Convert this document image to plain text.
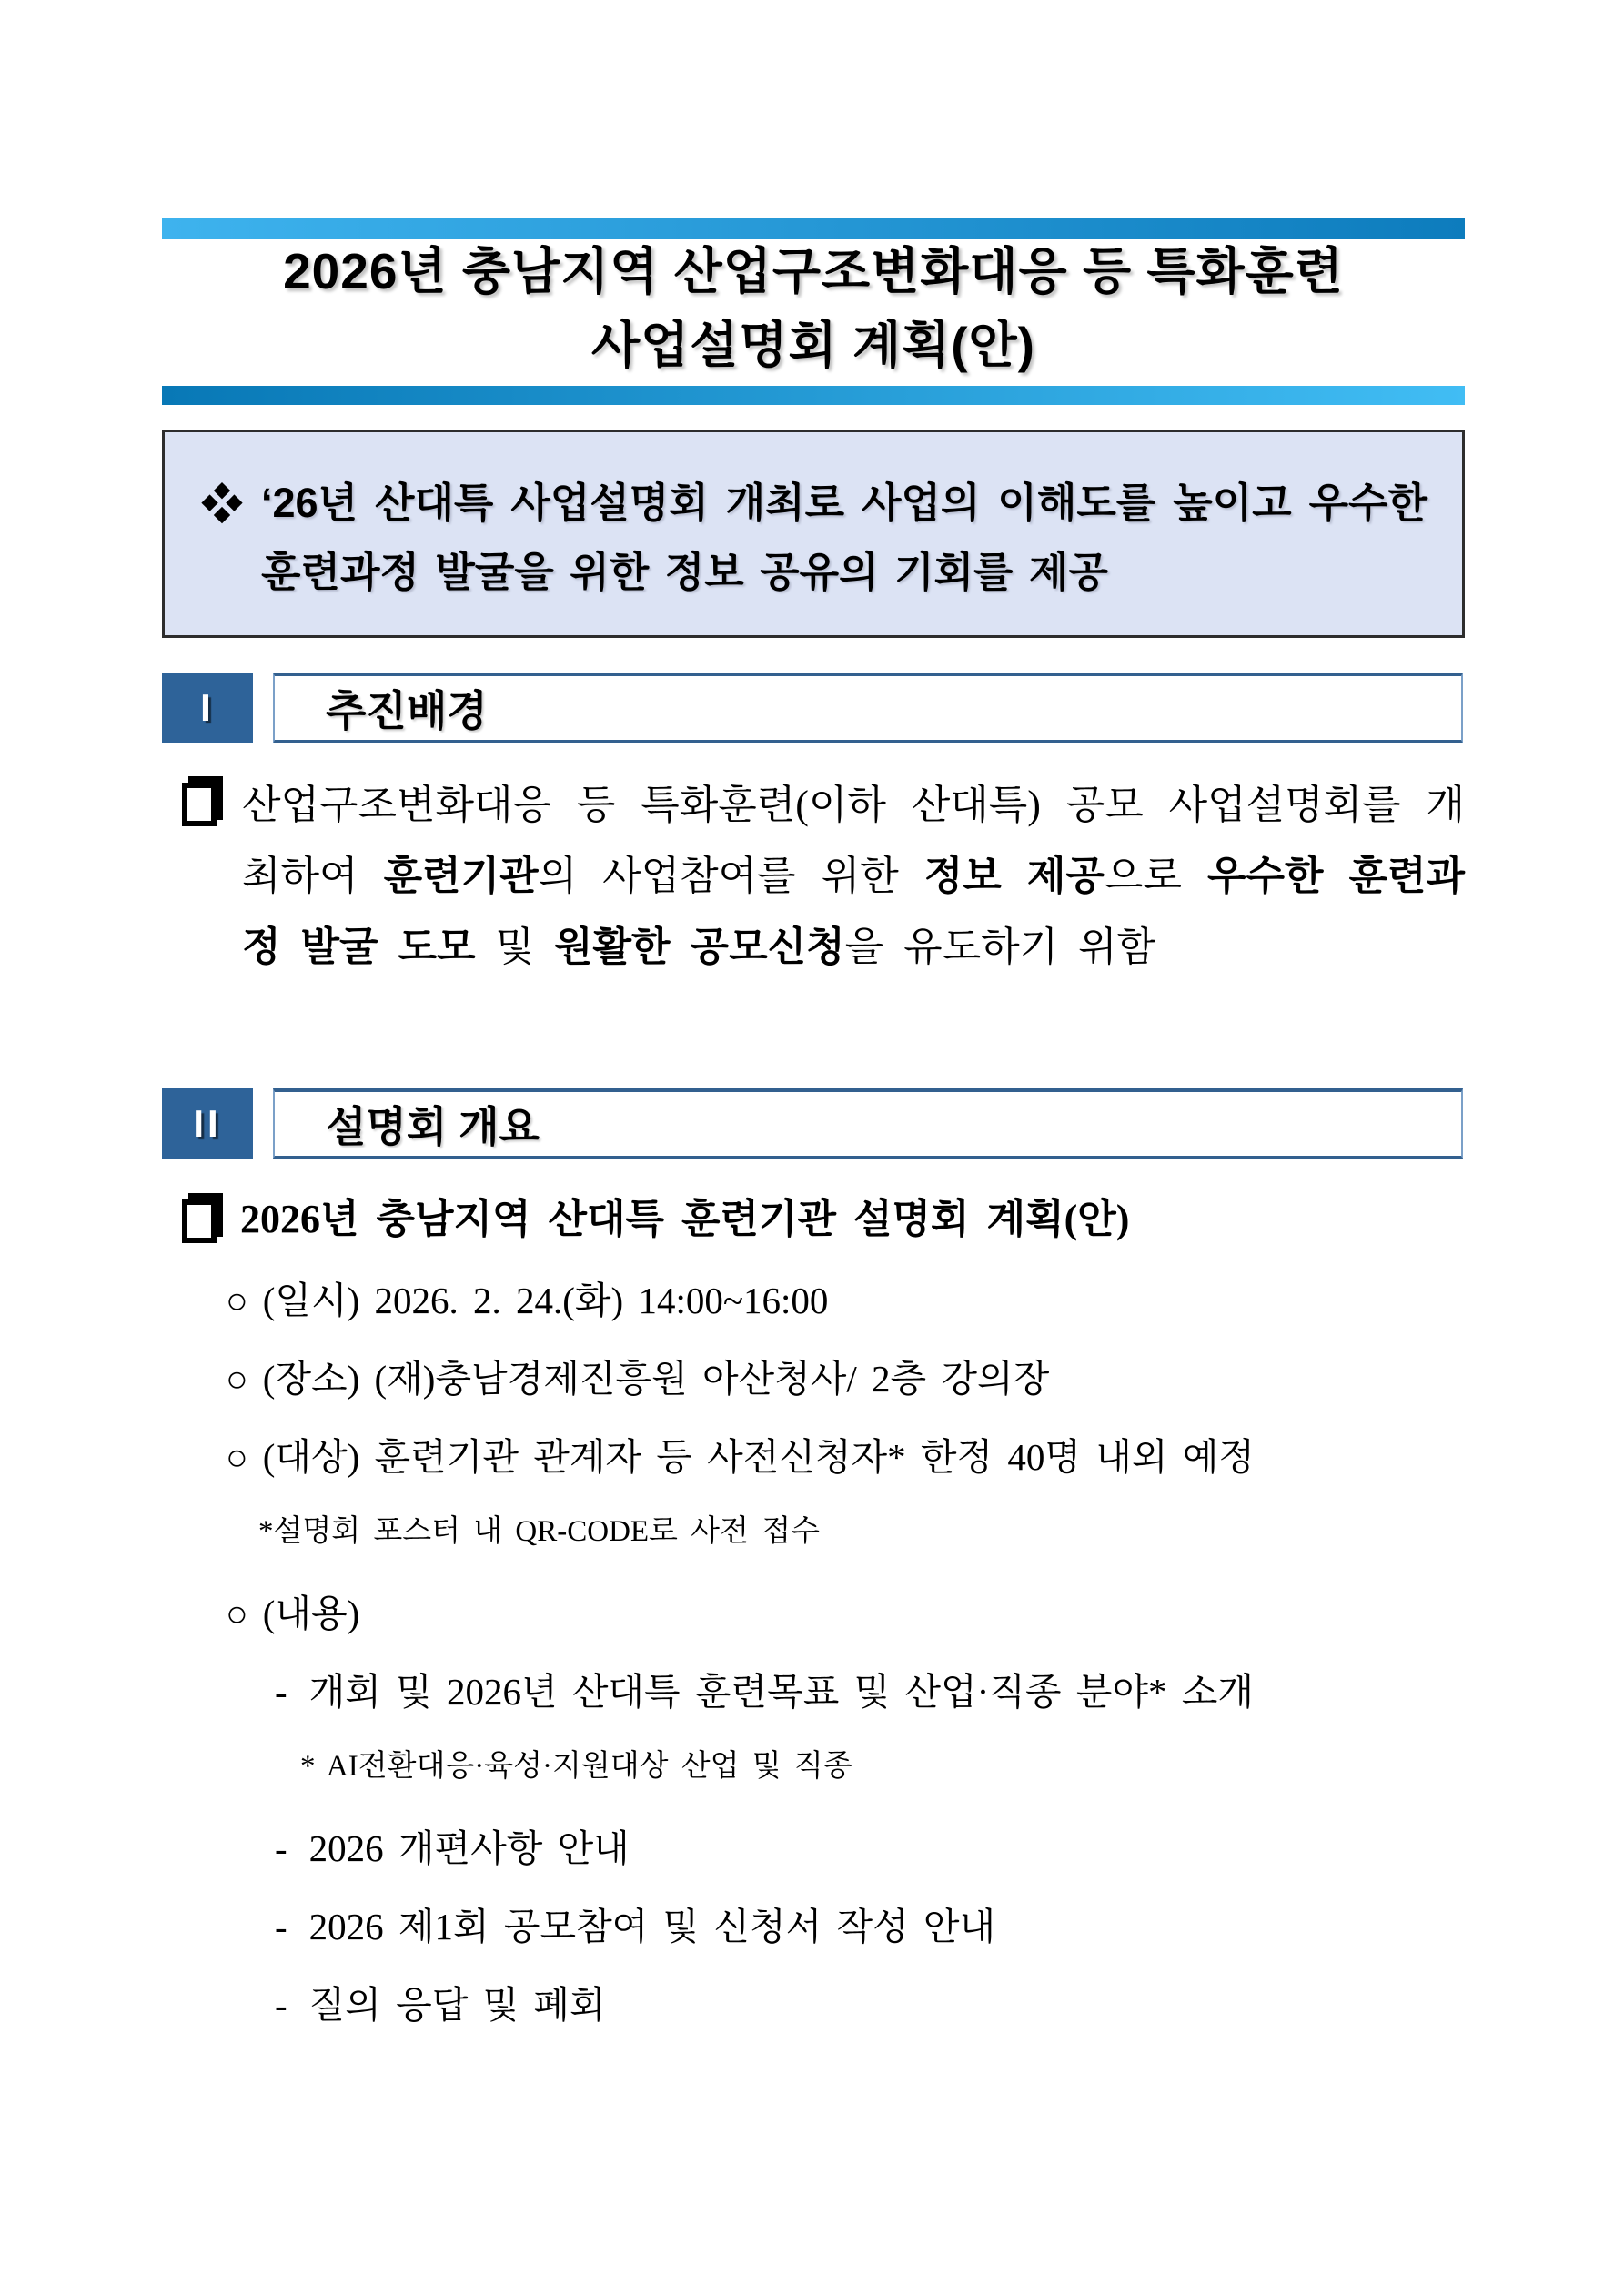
2026년 충남지역 산업구조변화대응 등 특화훈련
사업설명회 계획(안)
‘26년 산대특 사업설명회 개최로 사업의 이해도를 높이고 우수한 훈련과정 발굴을 위한 정보 공유의 기회를 제공
I	추진배경
산업구조변화대응 등 특화훈련(이하 산대특) 공모 사업설명회를 개최하여 훈련기관의 사업참여를 위한 정보 제공으로 우수한 훈련과정 발굴 도모 및 원활한 공모신청을 유도하기 위함
II	설명회 개요
2026년 충남지역 산대특 훈련기관 설명회 계획(안)
○ (일시) 2026. 2. 24.(화) 14:00~16:00
○ (장소) (재)충남경제진흥원 아산청사/ 2층 강의장
○ (대상) 훈련기관 관계자 등 사전신청자* 한정 40명 내외 예정
*설명회 포스터 내 QR-CODE로 사전 접수
○ (내용)
- 개회 및 2026년 산대특 훈련목표 및 산업·직종 분야* 소개
* AI전환대응·육성·지원대상 산업 및 직종
- 2026 개편사항 안내
- 2026 제1회 공모참여 및 신청서 작성 안내
- 질의 응답 및 폐회
